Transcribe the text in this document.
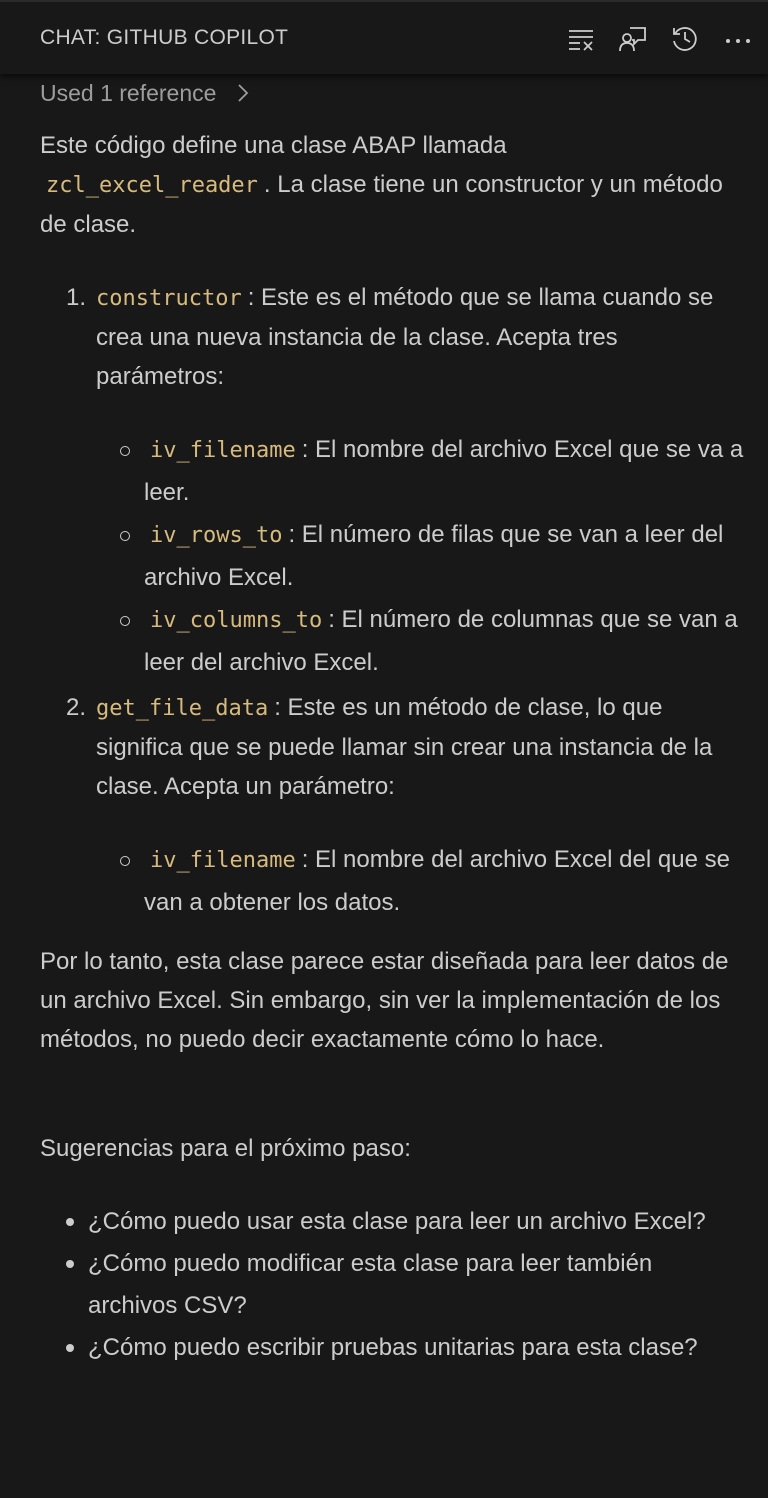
CHAT: GITHUB COPILOT
Used 1 reference

Este código define una clase ABAP llamada zcl_excel_reader . La clase tiene un constructor y un método de clase.

1. constructor : Este es el método que se llama cuando se crea una nueva instancia de la clase. Acepta tres parámetros:
iv_filename : El nombre del archivo Excel que se va a leer.
iv_rows_to : El número de filas que se van a leer del archivo Excel.
iv_columns_to : El número de columnas que se van a leer del archivo Excel.
2. get_file_data : Este es un método de clase, lo que significa que se puede llamar sin crear una instancia de la clase. Acepta un parámetro:
iv_filename : El nombre del archivo Excel del que se van a obtener los datos.

Por lo tanto, esta clase parece estar diseñada para leer datos de un archivo Excel. Sin embargo, sin ver la implementación de los métodos, no puedo decir exactamente cómo lo hace.

Sugerencias para el próximo paso:

¿Cómo puedo usar esta clase para leer un archivo Excel?
¿Cómo puedo modificar esta clase para leer también archivos CSV?
¿Cómo puedo escribir pruebas unitarias para esta clase?
